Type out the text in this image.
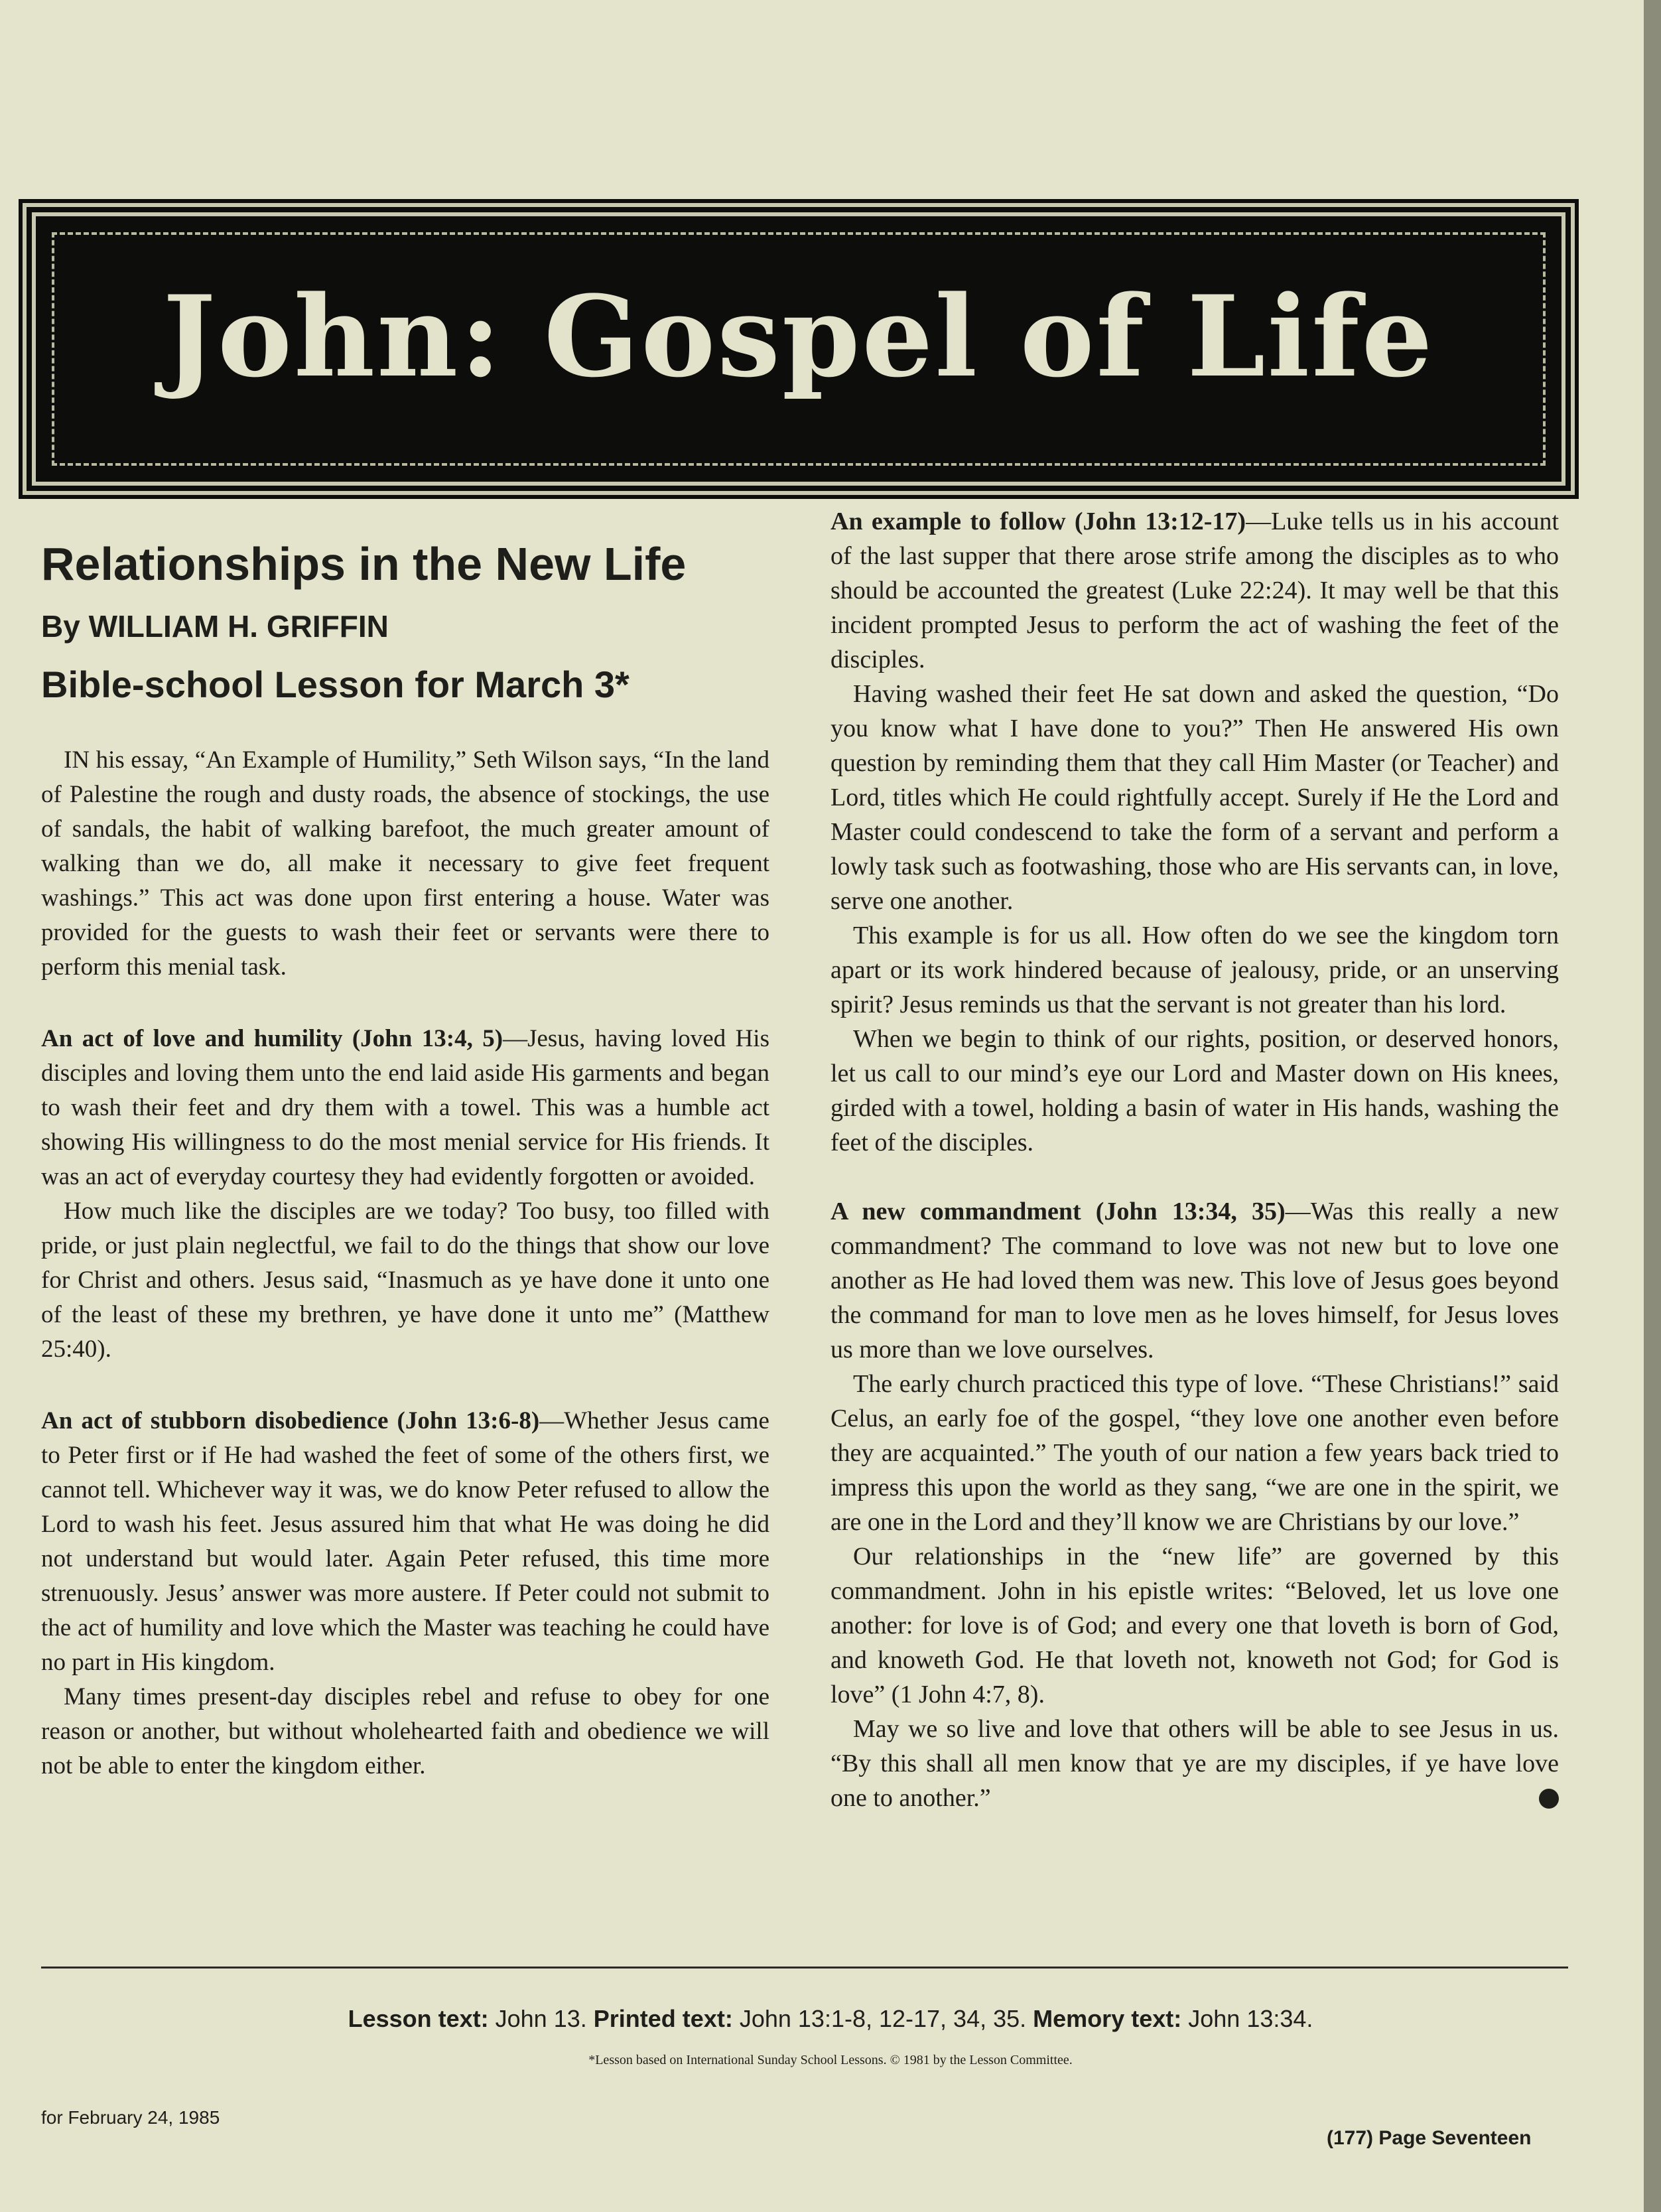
John: Gospel of Life
Relationships in the New Life
By WILLIAM H. GRIFFIN
Bible-school Lesson for March 3*

IN his essay, “An Example of Humility,” Seth Wilson says, “In the land of Palestine the rough and dusty roads, the absence of stockings, the use of sandals, the habit of walking barefoot, the much greater amount of walking than we do, all make it necessary to give feet frequent washings.” This act was done upon first entering a house. Water was provided for the guests to wash their feet or servants were there to perform this menial task.

An act of love and humility (John 13:4, 5)—Jesus, having loved His disciples and loving them unto the end laid aside His garments and began to wash their feet and dry them with a towel. This was a humble act showing His willingness to do the most menial service for His friends. It was an act of everyday courtesy they had evidently forgotten or avoided.

How much like the disciples are we today? Too busy, too filled with pride, or just plain neglectful, we fail to do the things that show our love for Christ and others. Jesus said, “Inasmuch as ye have done it unto one of the least of these my brethren, ye have done it unto me” (Matthew 25:40).

An act of stubborn disobedience (John 13:6-8)—Whether Jesus came to Peter first or if He had washed the feet of some of the others first, we cannot tell. Whichever way it was, we do know Peter refused to allow the Lord to wash his feet. Jesus assured him that what He was doing he did not understand but would later. Again Peter refused, this time more strenuously. Jesus’ answer was more austere. If Peter could not submit to the act of humility and love which the Master was teaching he could have no part in His kingdom.

Many times present-day disciples rebel and refuse to obey for one reason or another, but without wholehearted faith and obedience we will not be able to enter the kingdom either.

An example to follow (John 13:12-17)—Luke tells us in his account of the last supper that there arose strife among the disciples as to who should be accounted the greatest (Luke 22:24). It may well be that this incident prompted Jesus to perform the act of washing the feet of the disciples.

Having washed their feet He sat down and asked the question, “Do you know what I have done to you?” Then He answered His own question by reminding them that they call Him Master (or Teacher) and Lord, titles which He could rightfully accept. Surely if He the Lord and Master could condescend to take the form of a servant and perform a lowly task such as footwashing, those who are His servants can, in love, serve one another.

This example is for us all. How often do we see the kingdom torn apart or its work hindered because of jealousy, pride, or an unserving spirit? Jesus reminds us that the servant is not greater than his lord.

When we begin to think of our rights, position, or deserved honors, let us call to our mind’s eye our Lord and Master down on His knees, girded with a towel, holding a basin of water in His hands, washing the feet of the disciples.

A new commandment (John 13:34, 35)—Was this really a new commandment? The command to love was not new but to love one another as He had loved them was new. This love of Jesus goes beyond the command for man to love men as he loves himself, for Jesus loves us more than we love ourselves.

The early church practiced this type of love. “These Christians!” said Celus, an early foe of the gospel, “they love one another even before they are acquainted.” The youth of our nation a few years back tried to impress this upon the world as they sang, “we are one in the spirit, we are one in the Lord and they’ll know we are Christians by our love.”

Our relationships in the “new life” are governed by this commandment. John in his epistle writes: “Beloved, let us love one another: for love is of God; and every one that loveth is born of God, and knoweth God. He that loveth not, knoweth not God; for God is love” (1 John 4:7, 8).

May we so live and love that others will be able to see Jesus in us. “By this shall all men know that ye are my disciples, if ye have love one to another.”

Lesson text: John 13. Printed text: John 13:1-8, 12-17, 34, 35. Memory text: John 13:34.
*Lesson based on International Sunday School Lessons. © 1981 by the Lesson Committee.
for February 24, 1985
(177) Page Seventeen
